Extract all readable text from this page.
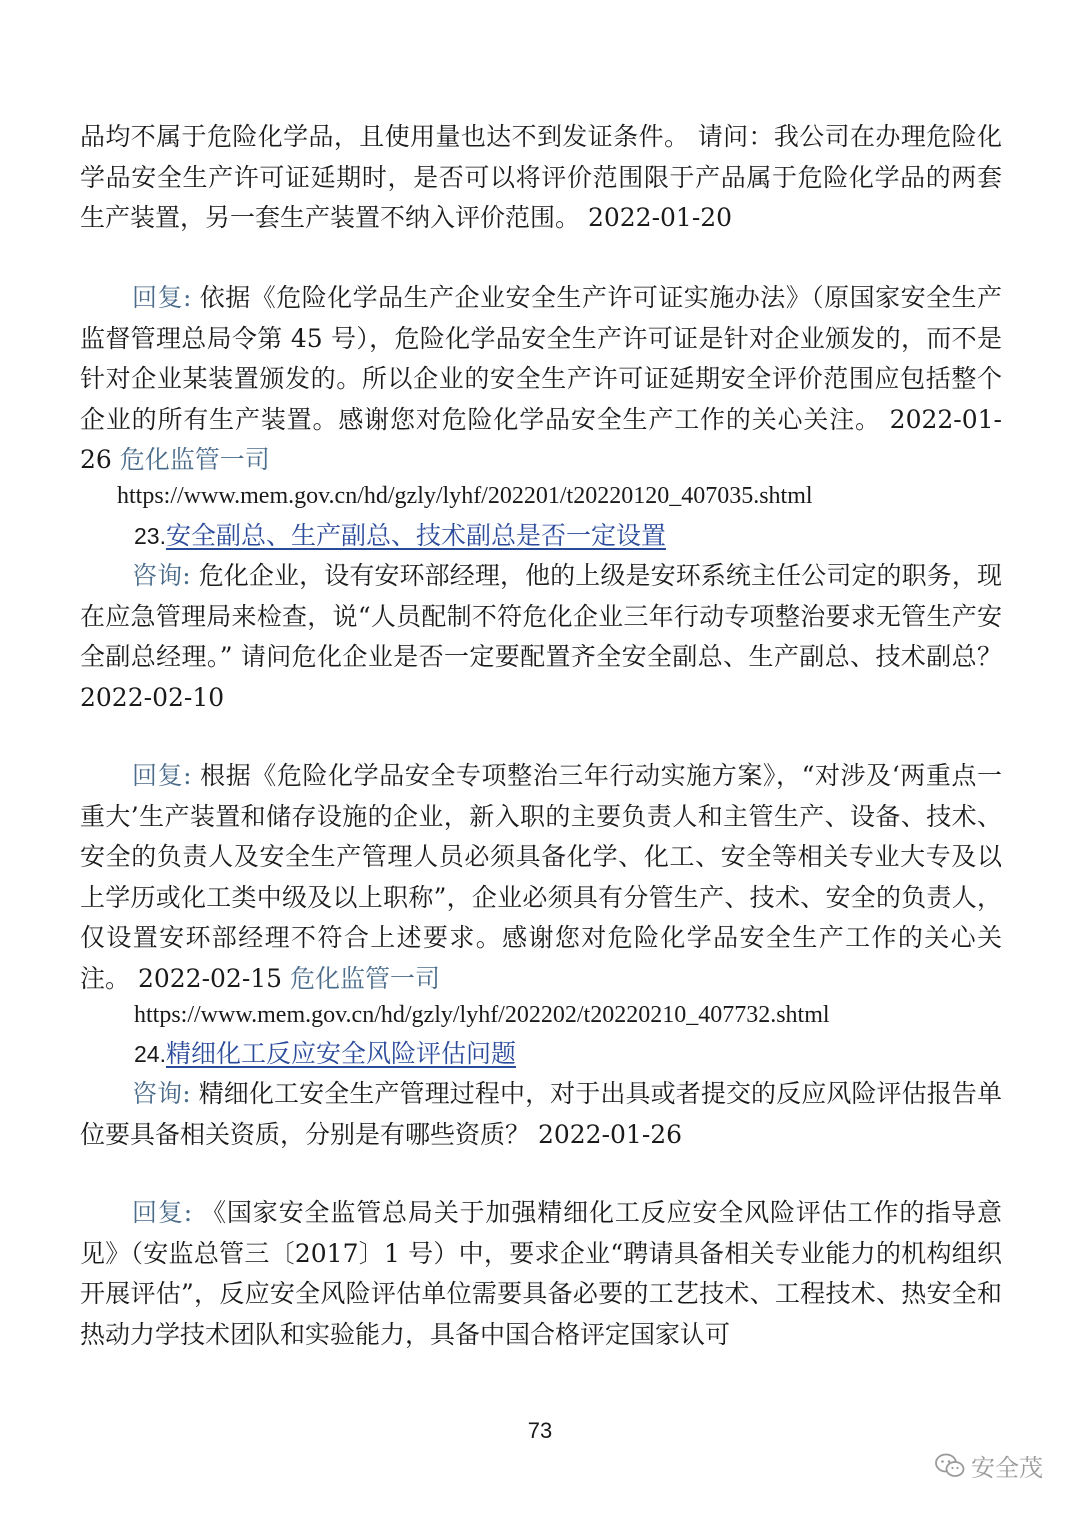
品均不属于危险化学品，且使用量也达不到发证条件。 请问：我公司在办理危险化学品安全生产许可证延期时，是否可以将评价范围限于产品属于危险化学品的两套生产装置，另一套生产装置不纳入评价范围。 2022-01-20

回复: 依据《危险化学品生产企业安全生产许可证实施办法》（原国家安全生产监督管理总局令第 45 号），危险化学品安全生产许可证是针对企业颁发的，而不是针对企业某装置颁发的。所以企业的安全生产许可证延期安全评价范围应包括整个企业的所有生产装置。感谢您对危险化学品安全生产工作的关心关注。 2022-01-26 危化监管一司

https://www.mem.gov.cn/hd/gzly/lyhf/202201/t20220120_407035.shtml
23.安全副总、生产副总、技术副总是否一定设置

咨询: 危化企业，设有安环部经理，他的上级是安环系统主任公司定的职务，现在应急管理局来检查，说“人员配制不符危化企业三年行动专项整治要求无管生产安全副总经理。” 请问危化企业是否一定要配置齐全安全副总、生产副总、技术副总？ 2022-02-10

回复: 根据《危险化学品安全专项整治三年行动实施方案》，“对涉及‘两重点一重大’生产装置和储存设施的企业，新入职的主要负责人和主管生产、设备、技术、安全的负责人及安全生产管理人员必须具备化学、化工、安全等相关专业大专及以上学历或化工类中级及以上职称”，企业必须具有分管生产、技术、安全的负责人，仅设置安环部经理不符合上述要求。感谢您对危险化学品安全生产工作的关心关注。 2022-02-15 危化监管一司

https://www.mem.gov.cn/hd/gzly/lyhf/202202/t20220210_407732.shtml
24.精细化工反应安全风险评估问题

咨询: 精细化工安全生产管理过程中，对于出具或者提交的反应风险评估报告单位要具备相关资质，分别是有哪些资质？ 2022-01-26

回复: 《国家安全监管总局关于加强精细化工反应安全风险评估工作的指导意见》（安监总管三〔2017〕1 号）中，要求企业“聘请具备相关专业能力的机构组织开展评估”，反应安全风险评估单位需要具备必要的工艺技术、工程技术、热安全和热动力学技术团队和实验能力，具备中国合格评定国家认可

73
安全茂
